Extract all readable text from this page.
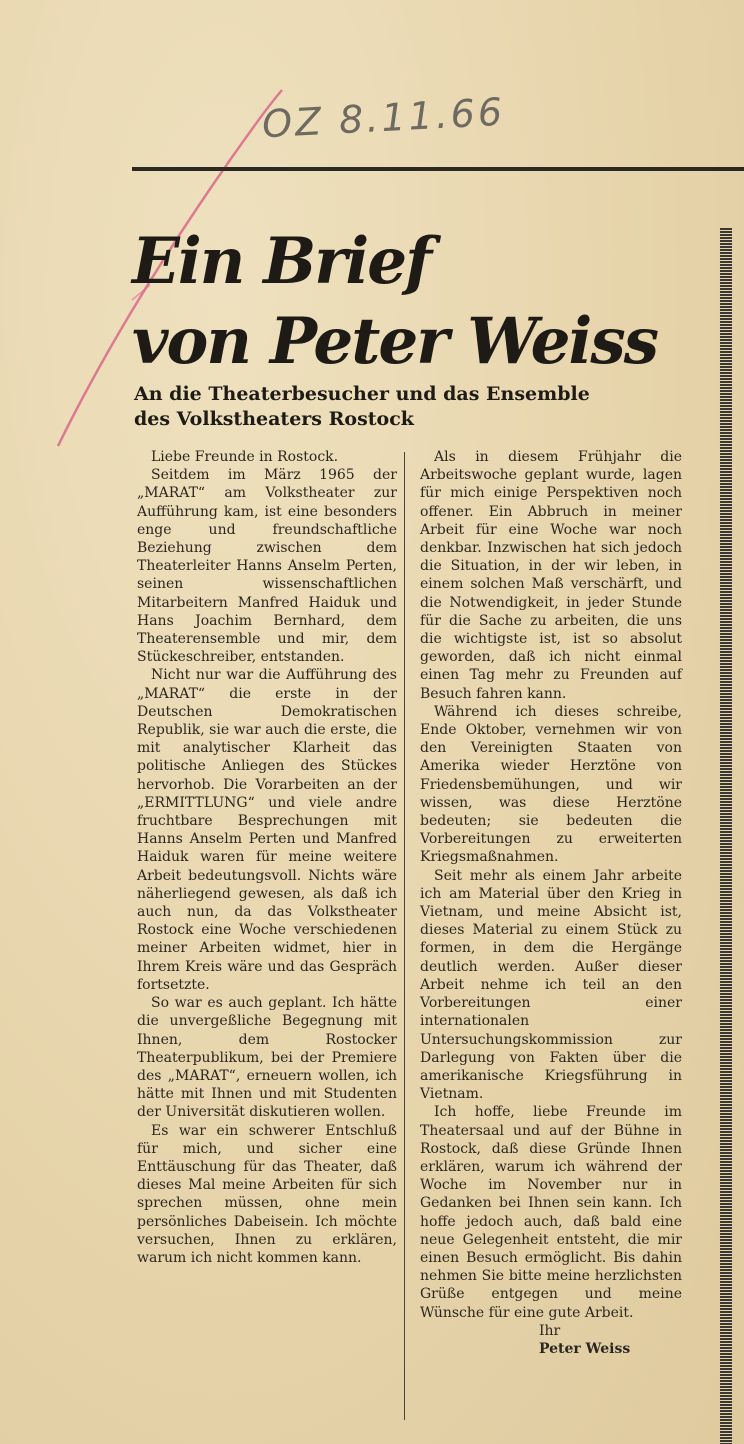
OZ 8.11.66
Ein Brief
von Peter Weiss
An die Theaterbesucher und das Ensemble
des Volkstheaters Rostock

Liebe Freunde in Rostock.

Seitdem im März 1965 der „MARAT“ am Volkstheater zur Aufführung kam, ist eine besonders enge und freundschaftliche Beziehung zwischen dem Theaterleiter Hanns Anselm Perten, seinen wissenschaftlichen Mitarbeitern Manfred Haiduk und Hans Joachim Bernhard, dem Theaterensemble und mir, dem Stückeschreiber, entstanden.

Nicht nur war die Aufführung des „MARAT“ die erste in der Deutschen Demokratischen Republik, sie war auch die erste, die mit analytischer Klarheit das politische Anliegen des Stückes hervorhob. Die Vorarbeiten an der „ERMITTLUNG“ und viele andre fruchtbare Besprechungen mit Hanns Anselm Perten und Manfred Haiduk waren für meine weitere Arbeit bedeutungsvoll. Nichts wäre näherliegend gewesen, als daß ich auch nun, da das Volkstheater Rostock eine Woche verschiedenen meiner Arbeiten widmet, hier in Ihrem Kreis wäre und das Gespräch fortsetzte.

So war es auch geplant. Ich hätte die unvergeßliche Begegnung mit Ihnen, dem Rostocker Theaterpublikum, bei der Premiere des „MARAT“, erneuern wollen, ich hätte mit Ihnen und mit Studenten der Universität diskutieren wollen.

Es war ein schwerer Entschluß für mich, und sicher eine Enttäuschung für das Theater, daß dieses Mal meine Arbeiten für sich sprechen müssen, ohne mein persönliches Dabeisein. Ich möchte versuchen, Ihnen zu erklären, warum ich nicht kommen kann.

Als in diesem Frühjahr die Arbeitswoche geplant wurde, lagen für mich einige Perspektiven noch offener. Ein Abbruch in meiner Arbeit für eine Woche war noch denkbar. Inzwischen hat sich jedoch die Situation, in der wir leben, in einem solchen Maß verschärft, und die Notwendigkeit, in jeder Stunde für die Sache zu arbeiten, die uns die wichtigste ist, ist so absolut geworden, daß ich nicht einmal einen Tag mehr zu Freunden auf Besuch fahren kann.

Während ich dieses schreibe, Ende Oktober, vernehmen wir von den Vereinigten Staaten von Amerika wieder Herztöne von Friedensbemühungen, und wir wissen, was diese Herztöne bedeuten; sie bedeuten die Vorbereitungen zu erweiterten Kriegsmaßnahmen.

Seit mehr als einem Jahr arbeite ich am Material über den Krieg in Vietnam, und meine Absicht ist, dieses Material zu einem Stück zu formen, in dem die Hergänge deutlich werden. Außer dieser Arbeit nehme ich teil an den Vorbereitungen einer internationalen Untersuchungskommission zur Darlegung von Fakten über die amerikanische Kriegsführung in Vietnam.

Ich hoffe, liebe Freunde im Theatersaal und auf der Bühne in Rostock, daß diese Gründe Ihnen erklären, warum ich während der Woche im November nur in Gedanken bei Ihnen sein kann. Ich hoffe jedoch auch, daß bald eine neue Gelegenheit entsteht, die mir einen Besuch ermöglicht. Bis dahin nehmen Sie bitte meine herzlichsten Grüße entgegen und meine Wünsche für eine gute Arbeit.

Ihr

Peter Weiss
